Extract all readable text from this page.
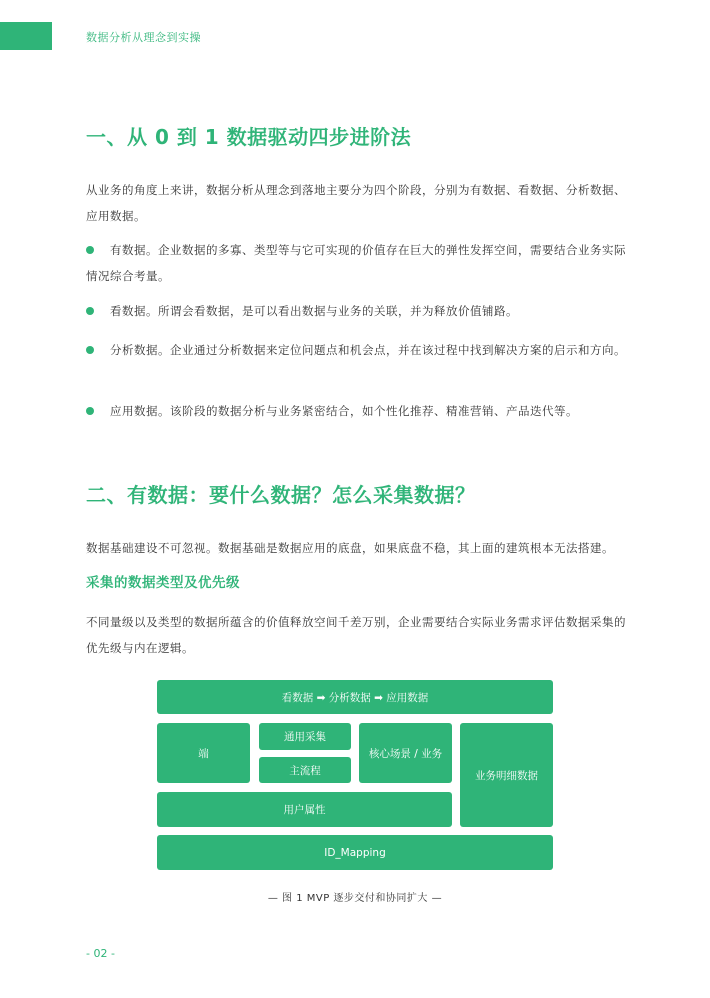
数据分析从理念到实操
一、从 0 到 1 数据驱动四步进阶法

从业务的角度上来讲，数据分析从理念到落地主要分为四个阶段，分别为有数据、看数据、分析数据、应用数据。

有数据。企业数据的多寡、类型等与它可实现的价值存在巨大的弹性发挥空间，需要结合业务实际情况综合考量。
看数据。所谓会看数据，是可以看出数据与业务的关联，并为释放价值铺路。
分析数据。企业通过分析数据来定位问题点和机会点，并在该过程中找到解决方案的启示和方向。
应用数据。该阶段的数据分析与业务紧密结合，如个性化推荐、精准营销、产品迭代等。
二、有数据：要什么数据？怎么采集数据？

数据基础建设不可忽视。数据基础是数据应用的底盘，如果底盘不稳，其上面的建筑根本无法搭建。

采集的数据类型及优先级

不同量级以及类型的数据所蕴含的价值释放空间千差万别，企业需要结合实际业务需求评估数据采集的优先级与内在逻辑。

看数据 ➡ 分析数据 ➡ 应用数据
端
通用采集
主流程
核心场景 / 业务
业务明细数据
用户属性
ID_Mapping
— 图 1 MVP 逐步交付和协同扩大 —
- 02 -
